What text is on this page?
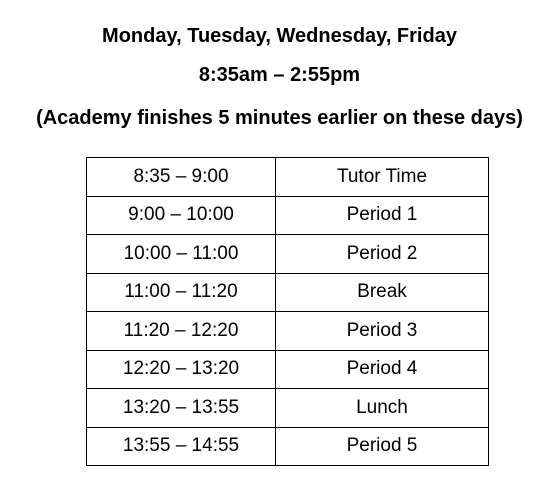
Monday, Tuesday, Wednesday, Friday
8:35am – 2:55pm
(Academy finishes 5 minutes earlier on these days)
8:35 – 9:00	Tutor Time
9:00 – 10:00	Period 1
10:00 – 11:00	Period 2
11:00 – 11:20	Break
11:20 – 12:20	Period 3
12:20 – 13:20	Period 4
13:20 – 13:55	Lunch
13:55 – 14:55	Period 5
